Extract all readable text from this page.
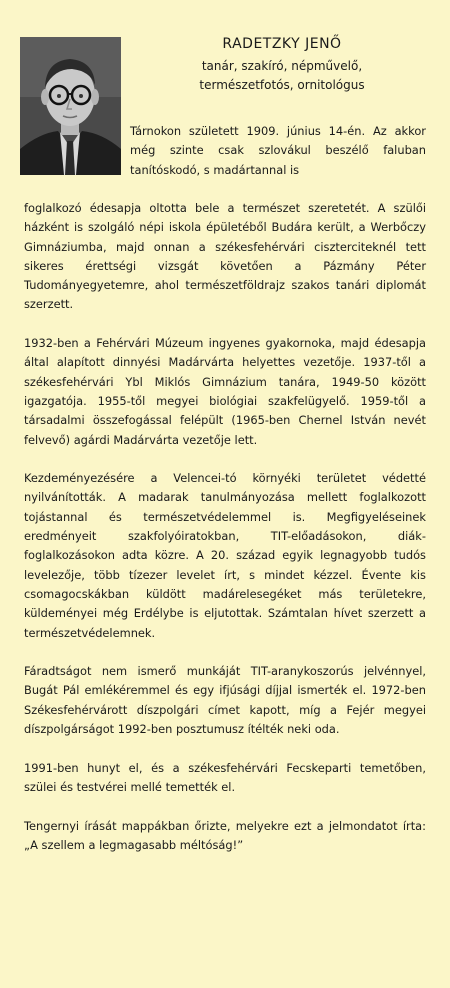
RADETZKY JENŐ

tanár, szakíró, népművelő,
természetfotós, ornitológus

Tárnokon született 1909. június 14-én. Az akkor még szinte csak szlovákul beszélő faluban tanítóskodó, s madártannal is

foglalkozó édesapja oltotta bele a természet szeretetét. A szülői házként is szolgáló népi iskola épületéből Budára került, a Werbőczy Gimnáziumba, majd onnan a székesfehérvári ciszterciteknél tett sikeres érettségi vizsgát követően a Pázmány Péter Tudományegyetemre, ahol természetföldrajz szakos tanári diplomát szerzett.

1932-ben a Fehérvári Múzeum ingyenes gyakornoka, majd édesapja által alapított dinnyési Madárvárta helyettes vezetője. 1937-től a székesfehérvári Ybl Miklós Gimnázium tanára, 1949-50 között igazgatója. 1955-től megyei biológiai szakfelügyelő. 1959-től a társadalmi összefogással felépült (1965-ben Chernel István nevét felvevő) agárdi Madárvárta vezetője lett.

Kezdeményezésére a Velencei-tó környéki területet védetté nyilvánították. A madarak tanulmányozása mellett foglalkozott tojástannal és természetvédelemmel is. Megfigyeléseinek eredményeit szakfolyóiratokban, TIT-előadásokon, diák-foglalkozásokon adta közre. A 20. század egyik legnagyobb tudós levelezője, több tízezer levelet írt, s mindet kézzel. Évente kis csomagocskákban küldött madárelesegéket más területekre, küldeményei még Erdélybe is eljutottak. Számtalan hívet szerzett a természetvédelemnek.

Fáradtságot nem ismerő munkáját TIT-aranykoszorús jelvénnyel, Bugát Pál emlékéremmel és egy ifjúsági díjjal ismerték el. 1972-ben Székesfehérvárott díszpolgári címet kapott, míg a Fejér megyei díszpolgárságot 1992-ben posztumusz ítélték neki oda.

1991-ben hunyt el, és a székesfehérvári Fecskeparti temetőben, szülei és testvérei mellé temették el.

Tengernyi írását mappákban őrizte, melyekre ezt a jelmondatot írta: „A szellem a legmagasabb méltóság!”
